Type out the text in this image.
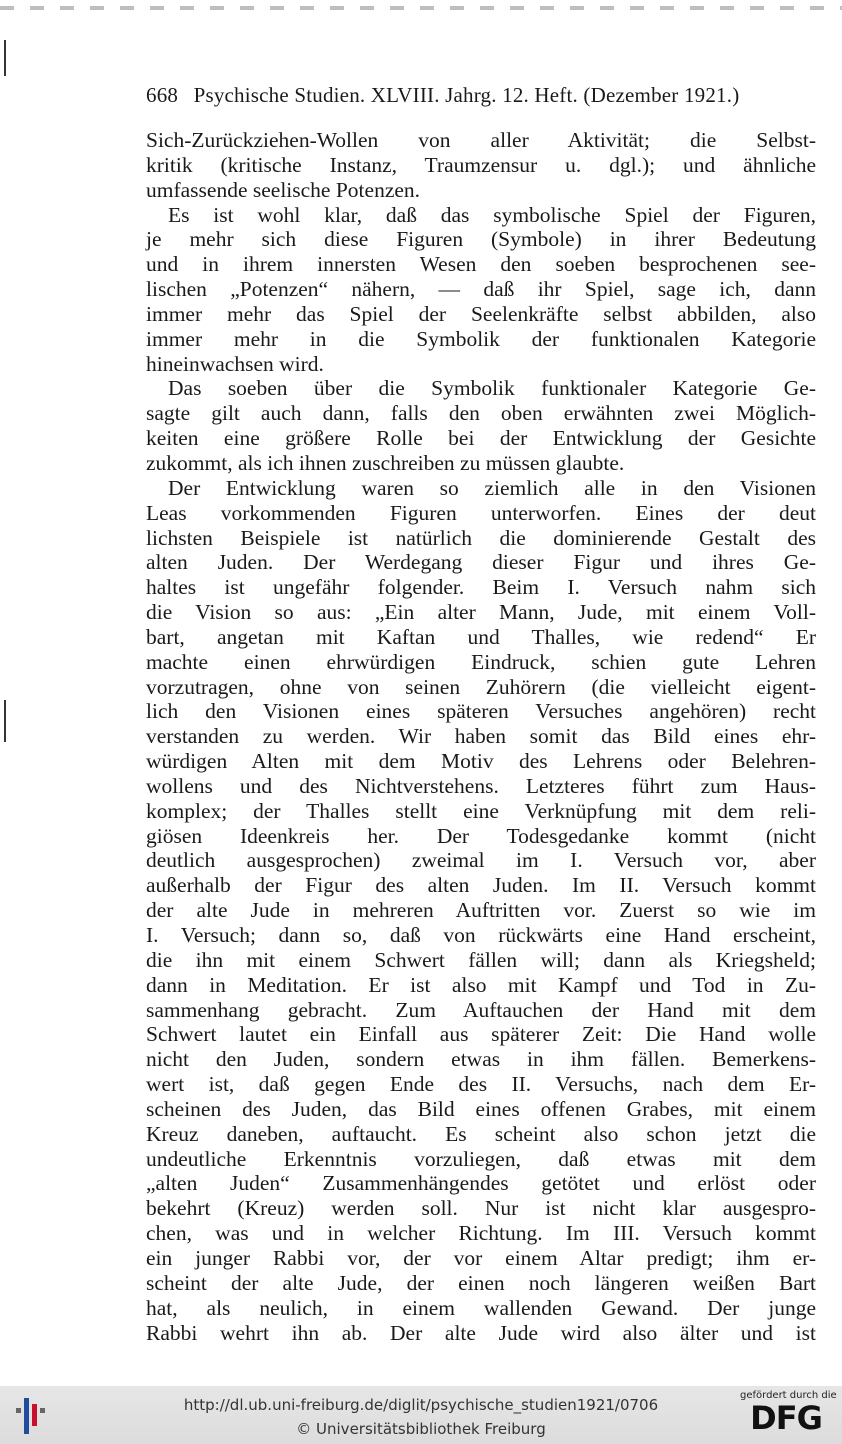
668 Psychische Studien. XLVIII. Jahrg. 12. Heft. (Dezember 1921.)
Sich-Zurückziehen-Wollen von aller Aktivität; die Selbst-
kritik (kritische Instanz, Traumzensur u. dgl.); und ähnliche
umfassende seelische Potenzen.
Es ist wohl klar, daß das symbolische Spiel der Figuren,
je mehr sich diese Figuren (Symbole) in ihrer Bedeutung
und in ihrem innersten Wesen den soeben besprochenen see-
lischen „Potenzen“ nähern, — daß ihr Spiel, sage ich, dann
immer mehr das Spiel der Seelenkräfte selbst abbilden, also
immer mehr in die Symbolik der funktionalen Kategorie
hineinwachsen wird.
Das soeben über die Symbolik funktionaler Kategorie Ge-
sagte gilt auch dann, falls den oben erwähnten zwei Möglich-
keiten eine größere Rolle bei der Entwicklung der Gesichte
zukommt, als ich ihnen zuschreiben zu müssen glaubte.
Der Entwicklung waren so ziemlich alle in den Visionen
Leas vorkommenden Figuren unterworfen. Eines der deut
lichsten Beispiele ist natürlich die dominierende Gestalt des
alten Juden. Der Werdegang dieser Figur und ihres Ge-
haltes ist ungefähr folgender. Beim I. Versuch nahm sich
die Vision so aus: „Ein alter Mann, Jude, mit einem Voll-
bart, angetan mit Kaftan und Thalles, wie redend“ Er
machte einen ehrwürdigen Eindruck, schien gute Lehren
vorzutragen, ohne von seinen Zuhörern (die vielleicht eigent-
lich den Visionen eines späteren Versuches angehören) recht
verstanden zu werden. Wir haben somit das Bild eines ehr-
würdigen Alten mit dem Motiv des Lehrens oder Belehren-
wollens und des Nichtverstehens. Letzteres führt zum Haus-
komplex; der Thalles stellt eine Verknüpfung mit dem reli-
giösen Ideenkreis her. Der Todesgedanke kommt (nicht
deutlich ausgesprochen) zweimal im I. Versuch vor, aber
außerhalb der Figur des alten Juden. Im II. Versuch kommt
der alte Jude in mehreren Auftritten vor. Zuerst so wie im
I. Versuch; dann so, daß von rückwärts eine Hand erscheint,
die ihn mit einem Schwert fällen will; dann als Kriegsheld;
dann in Meditation. Er ist also mit Kampf und Tod in Zu-
sammenhang gebracht. Zum Auftauchen der Hand mit dem
Schwert lautet ein Einfall aus späterer Zeit: Die Hand wolle
nicht den Juden, sondern etwas in ihm fällen. Bemerkens-
wert ist, daß gegen Ende des II. Versuchs, nach dem Er-
scheinen des Juden, das Bild eines offenen Grabes, mit einem
Kreuz daneben, auftaucht. Es scheint also schon jetzt die
undeutliche Erkenntnis vorzuliegen, daß etwas mit dem
„alten Juden“ Zusammenhängendes getötet und erlöst oder
bekehrt (Kreuz) werden soll. Nur ist nicht klar ausgespro-
chen, was und in welcher Richtung. Im III. Versuch kommt
ein junger Rabbi vor, der vor einem Altar predigt; ihm er-
scheint der alte Jude, der einen noch längeren weißen Bart
hat, als neulich, in einem wallenden Gewand. Der junge
Rabbi wehrt ihn ab. Der alte Jude wird also älter und ist
http://dl.ub.uni-freiburg.de/diglit/psychische_studien1921/0706
© Universitätsbibliothek Freiburg
gefördert durch die
DFG
